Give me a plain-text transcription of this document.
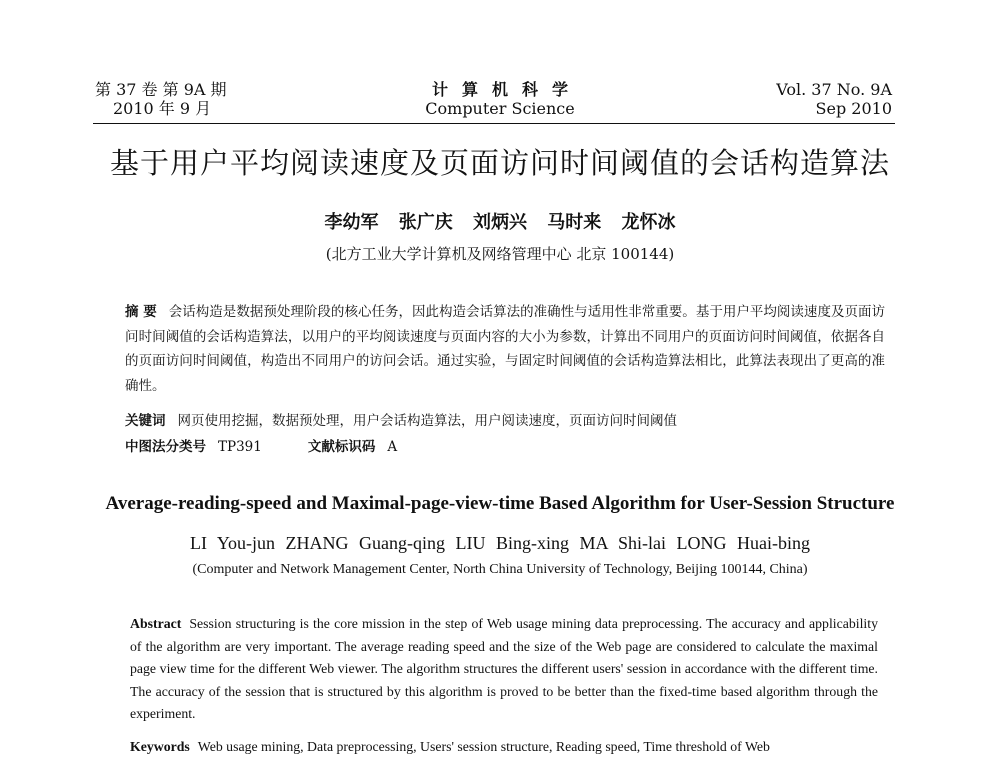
第 37 卷 第 9A 期
2010 年 9 月
计算机科学
Computer Science
Vol. 37 No. 9A
Sep 2010
基于用户平均阅读速度及页面访问时间阈值的会话构造算法
李幼军 张广庆 刘炳兴 马时来 龙怀冰
(北方工业大学计算机及网络管理中心 北京 100144)
摘 要 会话构造是数据预处理阶段的核心任务，因此构造会话算法的准确性与适用性非常重要。基于用户平均阅读速度及页面访问时间阈值的会话构造算法，以用户的平均阅读速度与页面内容的大小为参数，计算出不同用户的页面访问时间阈值，依据各自的页面访问时间阈值，构造出不同用户的访问会话。通过实验，与固定时间阈值的会话构造算法相比，此算法表现出了更高的准确性。
关键词 网页使用挖掘，数据预处理，用户会话构造算法，用户阅读速度，页面访问时间阈值
中图法分类号 TP391	文献标识码 A
Average-reading-speed and Maximal-page-view-time Based Algorithm for User-Session Structure
LI You-jun ZHANG Guang-qing LIU Bing-xing MA Shi-lai LONG Huai-bing
(Computer and Network Management Center, North China University of Technology, Beijing 100144, China)
Abstract Session structuring is the core mission in the step of Web usage mining data preprocessing. The accuracy and applicability of the algorithm are very important. The average reading speed and the size of the Web page are considered to calculate the maximal page view time for the different Web viewer. The algorithm structures the different users' session in accordance with the different time. The accuracy of the session that is structured by this algorithm is proved to be better than the fixed-time based algorithm through the experiment.
Keywords Web usage mining, Data preprocessing, Users' session structure, Reading speed, Time threshold of Web
